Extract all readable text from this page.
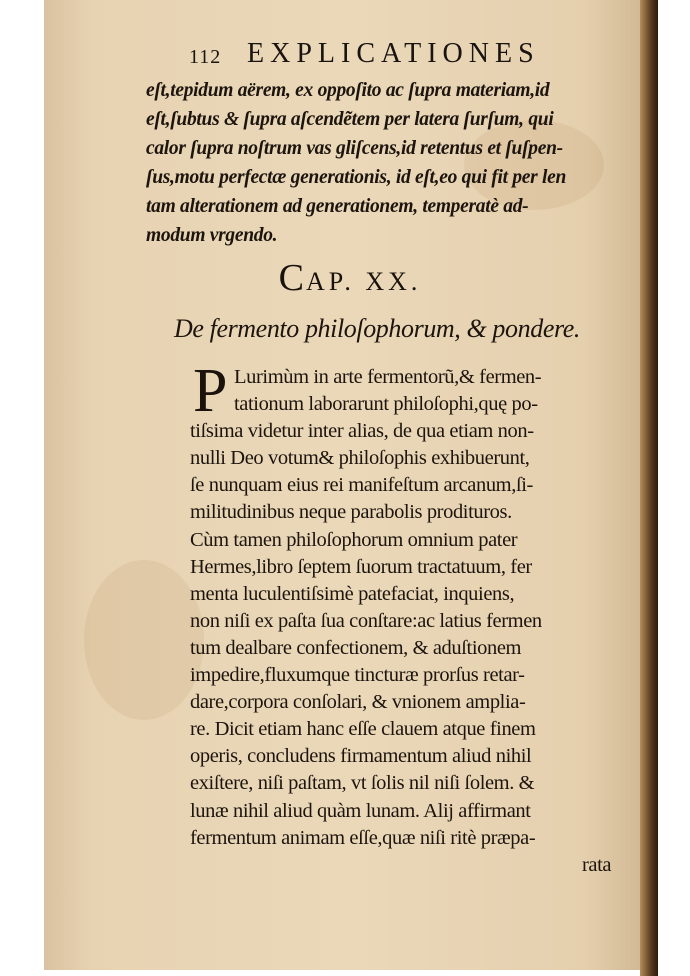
112 EXPLICATIONES
eſt,tepidum aërem, ex oppoſito ac ſupra materiam,id
eſt,ſubtus & ſupra aſcendẽtem per latera ſurſum, qui
calor ſupra noſtrum vas gliſcens,id retentus et ſuſpen-
ſus,motu perfectæ generationis, id eſt,eo qui fit per len
tam alterationem ad generationem, temperatè ad-
modum vrgendo.
CAP. XX.
De fermento philoſophorum, & pondere.
P Lurimùm in arte fermentorũ,& fermen-
tationum laborarunt philoſophi,quę po-
tiſsima videtur inter alias, de qua etiam non-
nulli Deo votum& philoſophis exhibuerunt,
ſe nunquam eius rei manifeſtum arcanum,ſi-
militudinibus neque parabolis prodituros.
Cùm tamen philoſophorum omnium pater
Hermes,libro ſeptem ſuorum tractatuum, fer
menta luculentiſsimè patefaciat, inquiens,
non niſi ex paſta ſua conſtare:ac latius fermen
tum dealbare confectionem, & aduſtionem
impedire,fluxumque tincturæ prorſus retar-
dare,corpora conſolari, & vnionem amplia-
re. Dicit etiam hanc eſſe clauem atque finem
operis, concludens firmamentum aliud nihil
exiſtere, niſi paſtam, vt ſolis nil niſi ſolem. &
lunæ nihil aliud quàm lunam. Alij affirmant
fermentum animam eſſe,quæ niſi ritè præpa-
rata
